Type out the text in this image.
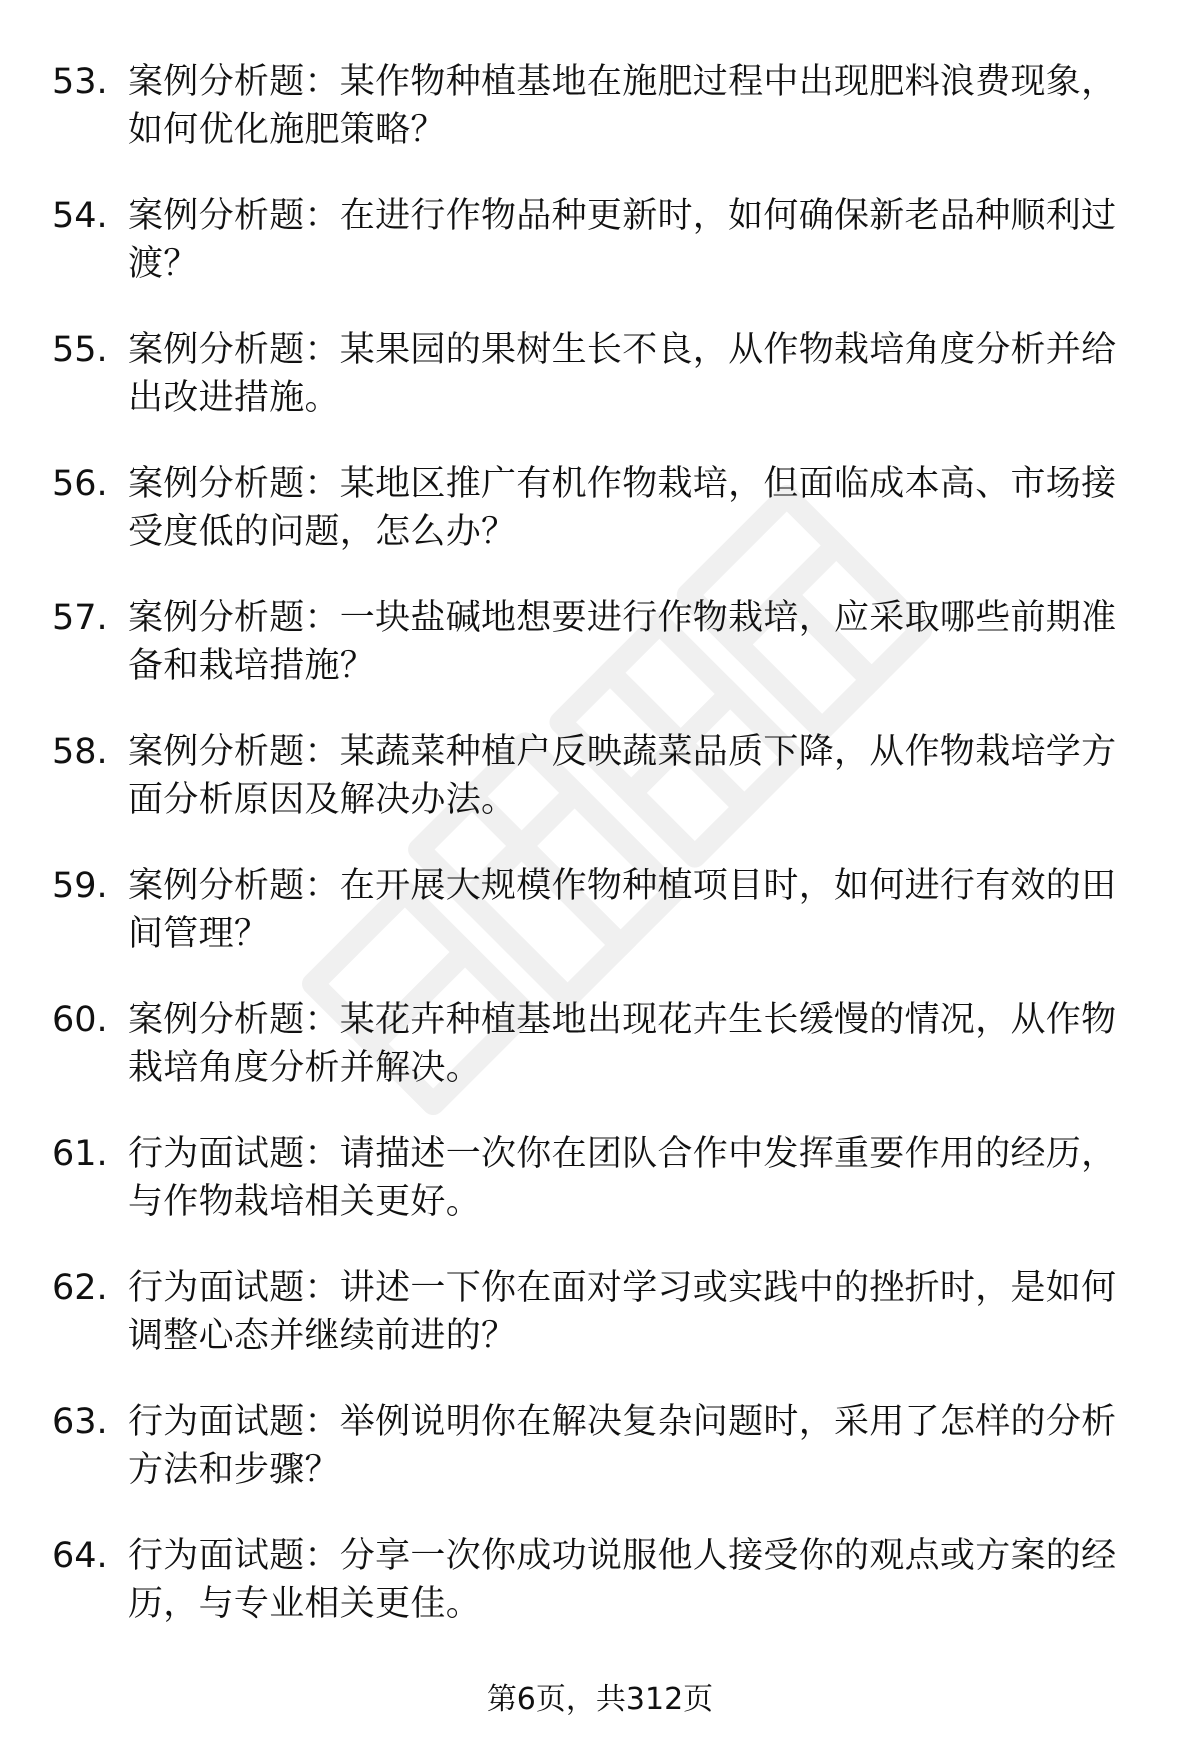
53. 案例分析题：某作物种植基地在施肥过程中出现肥料浪费现象，如何优化施肥策略？
54. 案例分析题：在进行作物品种更新时，如何确保新老品种顺利过渡？
55. 案例分析题：某果园的果树生长不良，从作物栽培角度分析并给出改进措施。
56. 案例分析题：某地区推广有机作物栽培，但面临成本高、市场接受度低的问题，怎么办？
57. 案例分析题：一块盐碱地想要进行作物栽培，应采取哪些前期准备和栽培措施？
58. 案例分析题：某蔬菜种植户反映蔬菜品质下降，从作物栽培学方面分析原因及解决办法。
59. 案例分析题：在开展大规模作物种植项目时，如何进行有效的田间管理？
60. 案例分析题：某花卉种植基地出现花卉生长缓慢的情况，从作物栽培角度分析并解决。
61. 行为面试题：请描述一次你在团队合作中发挥重要作用的经历，与作物栽培相关更好。
62. 行为面试题：讲述一下你在面对学习或实践中的挫折时，是如何调整心态并继续前进的？
63. 行为面试题：举例说明你在解决复杂问题时，采用了怎样的分析方法和步骤？
64. 行为面试题：分享一次你成功说服他人接受你的观点或方案的经历，与专业相关更佳。
第6页，共312页
